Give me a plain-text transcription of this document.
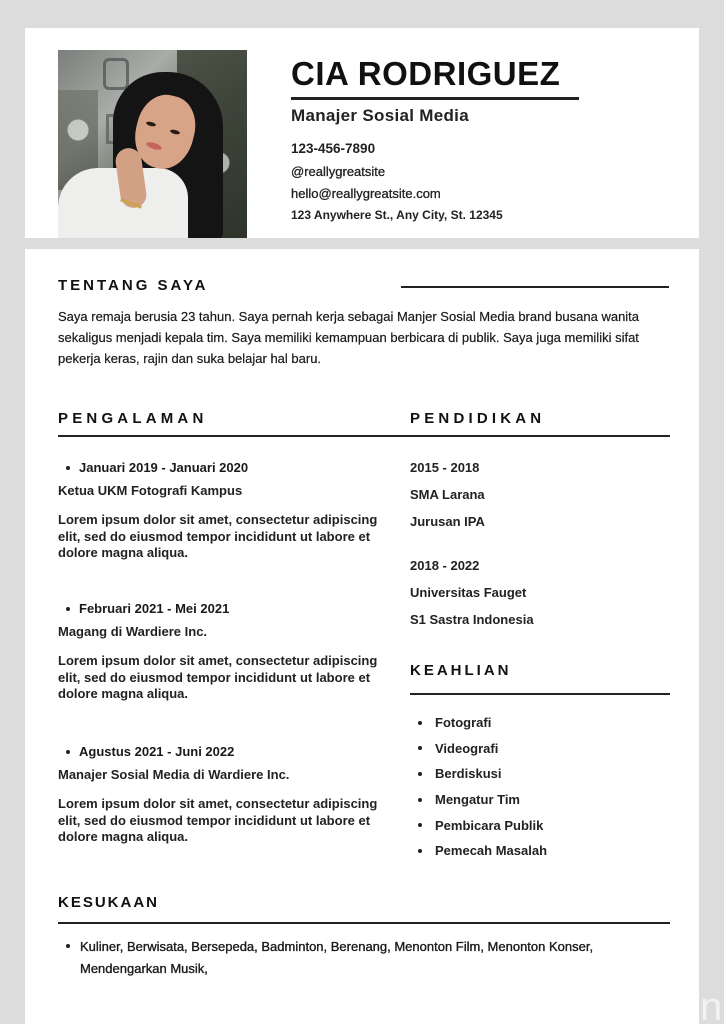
CIA RODRIGUEZ
Manajer Sosial Media
123-456-7890
@reallygreatsite
hello@reallygreatsite.com
123 Anywhere St., Any City, St. 12345
TENTANG SAYA
Saya remaja berusia 23 tahun. Saya pernah kerja sebagai Manjer Sosial Media brand busana wanita sekaligus menjadi kepala tim. Saya memiliki kemampuan berbicara di publik. Saya juga memiliki sifat pekerja keras, rajin dan suka belajar hal baru.
PENGALAMAN	PENDIDIKAN
Januari 2019 - Januari 2020
Ketua UKM Fotografi Kampus
Lorem ipsum dolor sit amet, consectetur adipiscing elit, sed do eiusmod tempor incididunt ut labore et dolore magna aliqua.
Februari 2021 - Mei 2021
Magang di Wardiere Inc.
Lorem ipsum dolor sit amet, consectetur adipiscing elit, sed do eiusmod tempor incididunt ut labore et dolore magna aliqua.
Agustus 2021 - Juni 2022
Manajer Sosial Media di Wardiere Inc.
Lorem ipsum dolor sit amet, consectetur adipiscing elit, sed do eiusmod tempor incididunt ut labore et dolore magna aliqua.
2015 - 2018
SMA Larana
Jurusan IPA
2018 - 2022
Universitas Fauget
S1 Sastra Indonesia
KEAHLIAN
Fotografi
Videografi
Berdiskusi
Mengatur Tim
Pembicara Publik
Pemecah Masalah
KESUKAAN
Kuliner, Berwisata, Bersepeda, Badminton, Berenang, Menonton Film, Menonton Konser, Mendengarkan Musik,
n
